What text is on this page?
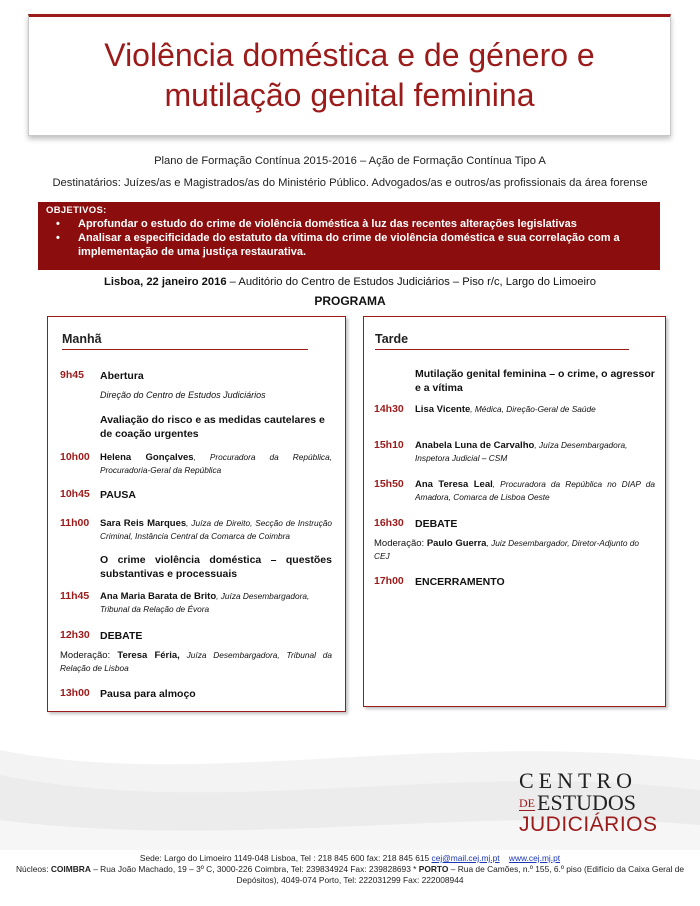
Violência doméstica e de género e
mutilação genital feminina
Plano de Formação Contínua 2015-2016 – Ação de Formação Contínua Tipo A
Destinatários: Juízes/as e Magistrados/as do Ministério Público. Advogados/as e outros/as profissionais da área forense
OBJETIVOS:
• Aprofundar o estudo do crime de violência doméstica à luz das recentes alterações legislativas
• Analisar a especificidade do estatuto da vítima do crime de violência doméstica e sua correlação com a implementação de uma justiça restaurativa.
Lisboa, 22 janeiro 2016 – Auditório do Centro de Estudos Judiciários – Piso r/c, Largo do Limoeiro
PROGRAMA
Manhã
9h45 Abertura
Direção do Centro de Estudos Judiciários
Avaliação do risco e as medidas cautelares e de coação urgentes
10h00 Helena Gonçalves, Procuradora da República, Procuradoria-Geral da República
10h45 PAUSA
11h00 Sara Reis Marques, Juíza de Direito, Secção de Instrução Criminal, Instância Central da Comarca de Coimbra
O crime violência doméstica – questões substantivas e processuais
11h45 Ana Maria Barata de Brito, Juíza Desembargadora, Tribunal da Relação de Évora
12h30 DEBATE
Moderação: Teresa Féria, Juíza Desembargadora, Tribunal da Relação de Lisboa
13h00 Pausa para almoço
Tarde
Mutilação genital feminina – o crime, o agressor e a vítima
14h30 Lisa Vicente, Médica, Direção-Geral de Saúde
15h10 Anabela Luna de Carvalho, Juíza Desembargadora, Inspetora Judicial – CSM
15h50 Ana Teresa Leal, Procuradora da República no DIAP da Amadora, Comarca de Lisboa Oeste
16h30 DEBATE
Moderação: Paulo Guerra, Juiz Desembargador, Diretor-Adjunto do CEJ
17h00 ENCERRAMENTO
CENTRO
DEESTUDOS
JUDICIÁRIOS
Sede: Largo do Limoeiro 1149-048 Lisboa, Tel : 218 845 600 fax: 218 845 615 cej@mail.cej.mj.pt www.cej.mj.pt
Núcleos: COIMBRA – Rua João Machado, 19 – 3º C, 3000-226 Coimbra, Tel: 239834924 Fax: 239828693 * PORTO – Rua de Camões, n.º 155, 6.º piso (Edifício da Caixa Geral de Depósitos), 4049-074 Porto, Tel: 222031299 Fax: 222008944
